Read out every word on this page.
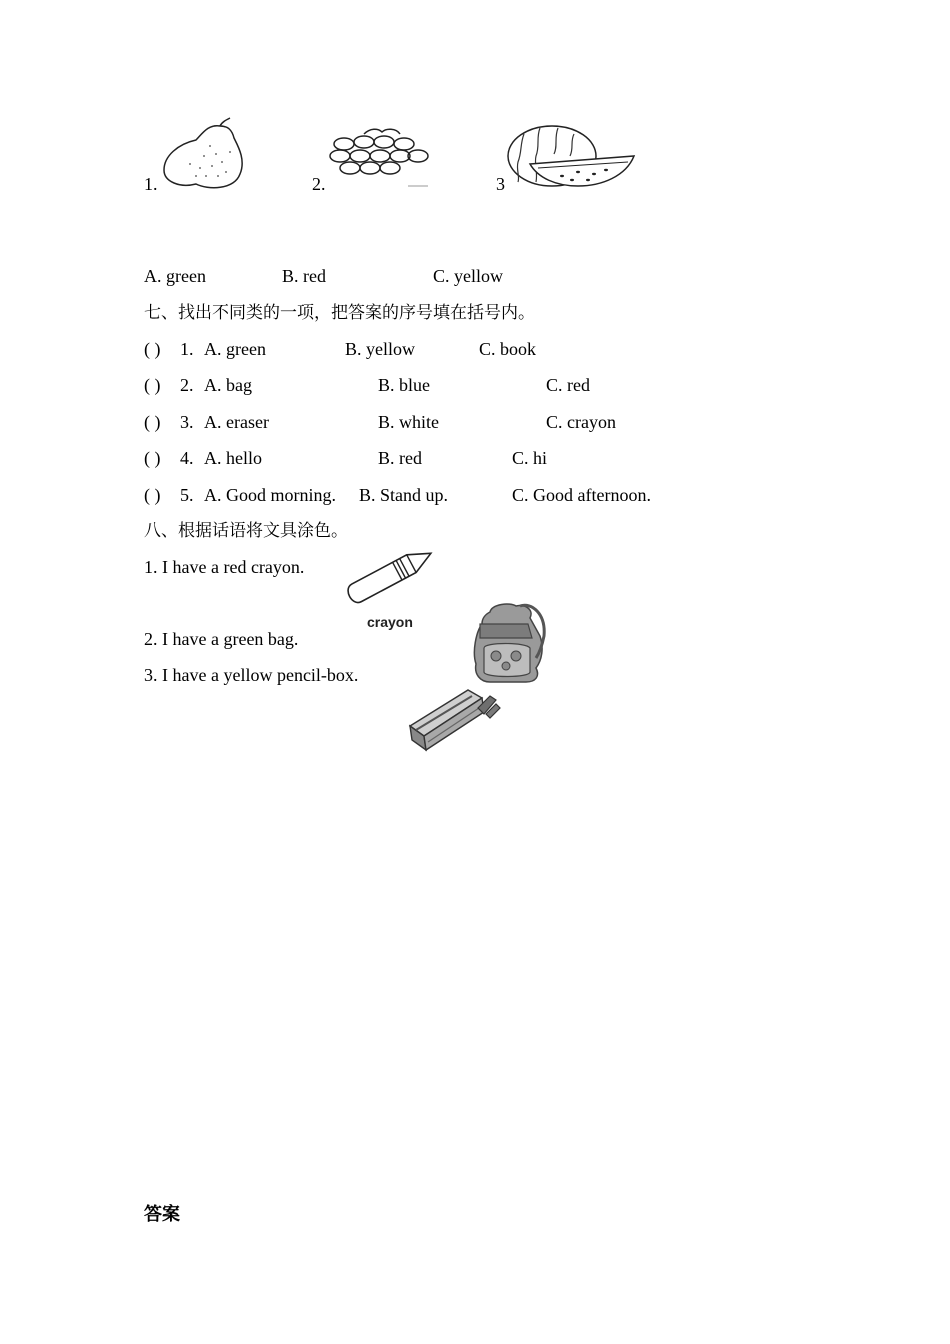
1.	2.	3
A. green	B. red	C. yellow
七、找出不同类的一项，把答案的序号填在括号内。
( ) 1. A. green	B. yellow	C. book
( ) 2. A. bag	B. blue	C. red
( ) 3. A. eraser	B. white	C. crayon
( ) 4. A. hello	B. red	C. hi
( ) 5. A. Good morning. B. Stand up.	C. Good afternoon.
八、根据话语将文具涂色。
1. I have a red crayon.
2. I have a green bag.
3. I have a yellow pencil-box.
crayon
答案
